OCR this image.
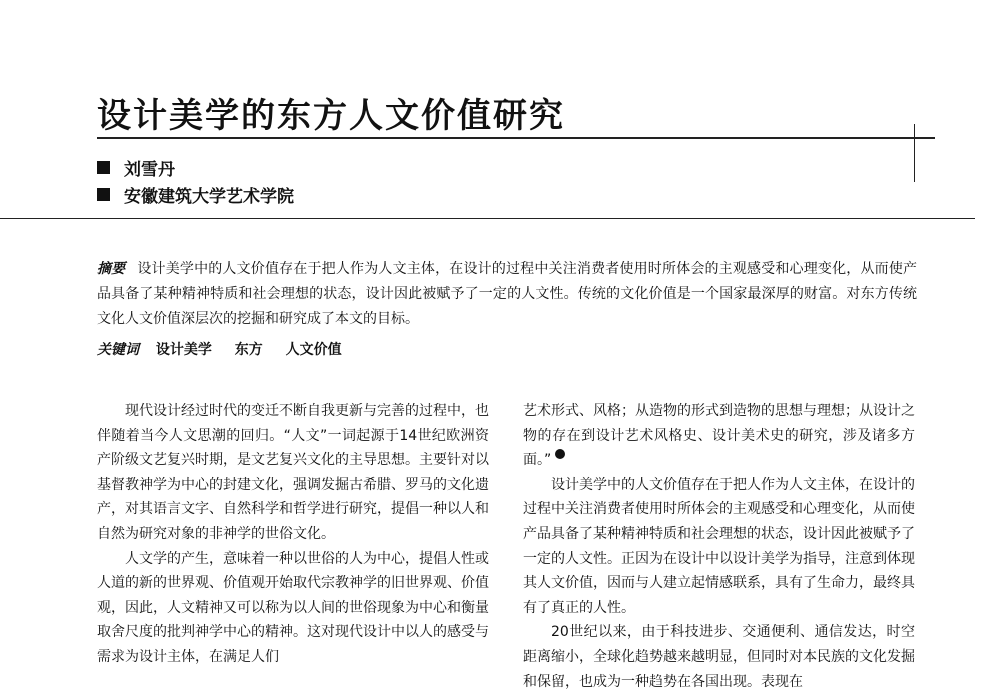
设计美学的东方人文价值研究
刘雪丹
安徽建筑大学艺术学院
摘要 设计美学中的人文价值存在于把人作为人文主体，在设计的过程中关注消费者使用时所体会的主观感受和心理变化，从而使产品具备了某种精神特质和社会理想的状态，设计因此被赋予了一定的人文性。传统的文化价值是一个国家最深厚的财富。对东方传统文化人文价值深层次的挖掘和研究成了本文的目标。
关键词 设计美学 东方 人文价值

现代设计经过时代的变迁不断自我更新与完善的过程中，也伴随着当今人文思潮的回归。“人文”一词起源于14世纪欧洲资产阶级文艺复兴时期，是文艺复兴文化的主导思想。主要针对以基督教神学为中心的封建文化，强调发掘古希腊、罗马的文化遗产，对其语言文字、自然科学和哲学进行研究，提倡一种以人和自然为研究对象的非神学的世俗文化。

人文学的产生，意味着一种以世俗的人为中心，提倡人性或人道的新的世界观、价值观开始取代宗教神学的旧世界观、价值观，因此，人文精神又可以称为以人间的世俗现象为中心和衡量取舍尺度的批判神学中心的精神。这对现代设计中以人的感受与需求为设计主体，在满足人们

艺术形式、风格；从造物的形式到造物的思想与理想；从设计之物的存在到设计艺术风格史、设计美术史的研究，涉及诸多方面。”

设计美学中的人文价值存在于把人作为人文主体，在设计的过程中关注消费者使用时所体会的主观感受和心理变化，从而使产品具备了某种精神特质和社会理想的状态，设计因此被赋予了一定的人文性。正因为在设计中以设计美学为指导，注意到体现其人文价值，因而与人建立起情感联系，具有了生命力，最终具有了真正的人性。

20世纪以来，由于科技进步、交通便利、通信发达，时空距离缩小，全球化趋势越来越明显，但同时对本民族的文化发掘和保留，也成为一种趋势在各国出现。表现在
